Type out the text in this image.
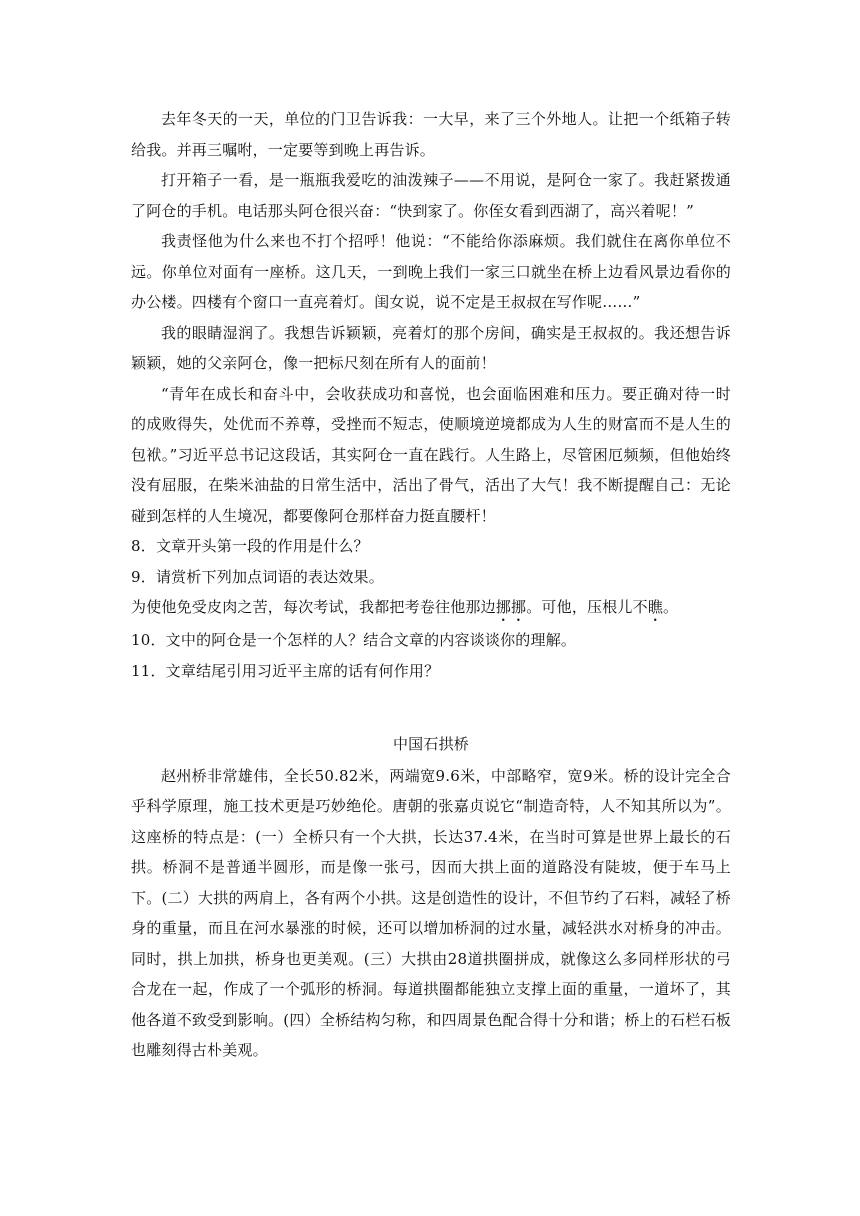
去年冬天的一天，单位的门卫告诉我：一大早，来了三个外地人。让把一个纸箱子转给我。并再三嘱咐，一定要等到晚上再告诉。

打开箱子一看，是一瓶瓶我爱吃的油泼辣子——不用说，是阿仓一家了。我赶紧拨通了阿仓的手机。电话那头阿仓很兴奋：“快到家了。你侄女看到西湖了，高兴着呢！”

我责怪他为什么来也不打个招呼！他说：“不能给你添麻烦。我们就住在离你单位不远。你单位对面有一座桥。这几天，一到晚上我们一家三口就坐在桥上边看风景边看你的办公楼。四楼有个窗口一直亮着灯。闺女说，说不定是王叔叔在写作呢……”

我的眼睛湿润了。我想告诉颖颖，亮着灯的那个房间，确实是王叔叔的。我还想告诉颖颖，她的父亲阿仓，像一把标尺刻在所有人的面前！

“青年在成长和奋斗中，会收获成功和喜悦，也会面临困难和压力。要正确对待一时的成败得失，处优而不养尊，受挫而不短志，使顺境逆境都成为人生的财富而不是人生的包袱。”习近平总书记这段话，其实阿仓一直在践行。人生路上，尽管困厄频频，但他始终没有屈服，在柴米油盐的日常生活中，活出了骨气，活出了大气！我不断提醒自己：无论碰到怎样的人生境况，都要像阿仓那样奋力挺直腰杆！

8．文章开头第一段的作用是什么？

9．请赏析下列加点词语的表达效果。

为使他免受皮肉之苦，每次考试，我都把考卷往他那边挪挪。可他，压根儿不瞧。

10．文中的阿仓是一个怎样的人？结合文章的内容谈谈你的理解。

11．文章结尾引用习近平主席的话有何作用？

中国石拱桥

赵州桥非常雄伟，全长50.82米，两端宽9.6米，中部略窄，宽9米。桥的设计完全合乎科学原理，施工技术更是巧妙绝伦。唐朝的张嘉贞说它“制造奇特，人不知其所以为”。这座桥的特点是：(一）全桥只有一个大拱，长达37.4米，在当时可算是世界上最长的石拱。桥洞不是普通半圆形，而是像一张弓，因而大拱上面的道路没有陡坡，便于车马上下。(二）大拱的两肩上，各有两个小拱。这是创造性的设计，不但节约了石料，减轻了桥身的重量，而且在河水暴涨的时候，还可以增加桥洞的过水量，减轻洪水对桥身的冲击。同时，拱上加拱，桥身也更美观。(三）大拱由28道拱圈拼成，就像这么多同样形状的弓合龙在一起，作成了一个弧形的桥洞。每道拱圈都能独立支撑上面的重量，一道坏了，其他各道不致受到影响。(四）全桥结构匀称，和四周景色配合得十分和谐；桥上的石栏石板也雕刻得古朴美观。
